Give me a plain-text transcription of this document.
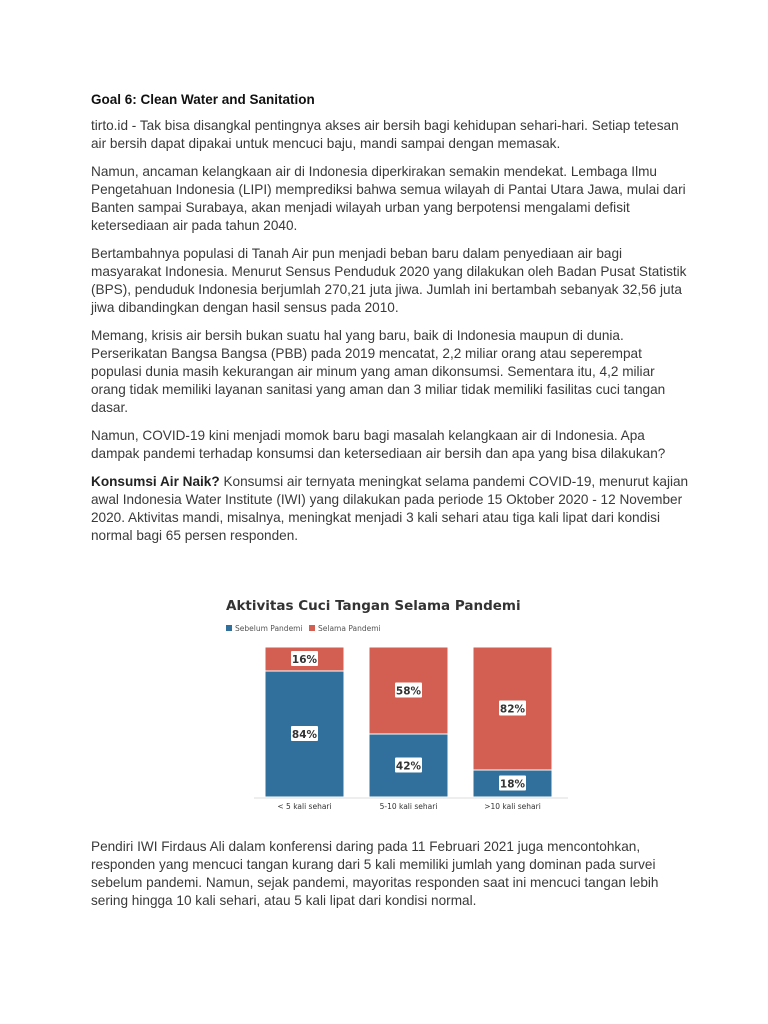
Goal 6: Clean Water and Sanitation

tirto.id - Tak bisa disangkal pentingnya akses air bersih bagi kehidupan sehari-hari. Setiap tetesan air bersih dapat dipakai untuk mencuci baju, mandi sampai dengan memasak.

Namun, ancaman kelangkaan air di Indonesia diperkirakan semakin mendekat. Lembaga Ilmu Pengetahuan Indonesia (LIPI) memprediksi bahwa semua wilayah di Pantai Utara Jawa, mulai dari Banten sampai Surabaya, akan menjadi wilayah urban yang berpotensi mengalami defisit ketersediaan air pada tahun 2040.

Bertambahnya populasi di Tanah Air pun menjadi beban baru dalam penyediaan air bagi masyarakat Indonesia. Menurut Sensus Penduduk 2020 yang dilakukan oleh Badan Pusat Statistik (BPS), penduduk Indonesia berjumlah 270,21 juta jiwa. Jumlah ini bertambah sebanyak 32,56 juta jiwa dibandingkan dengan hasil sensus pada 2010.

Memang, krisis air bersih bukan suatu hal yang baru, baik di Indonesia maupun di dunia. Perserikatan Bangsa Bangsa (PBB) pada 2019 mencatat, 2,2 miliar orang atau seperempat populasi dunia masih kekurangan air minum yang aman dikonsumsi. Sementara itu, 4,2 miliar orang tidak memiliki layanan sanitasi yang aman dan 3 miliar tidak memiliki fasilitas cuci tangan dasar.

Namun, COVID-19 kini menjadi momok baru bagi masalah kelangkaan air di Indonesia. Apa dampak pandemi terhadap konsumsi dan ketersediaan air bersih dan apa yang bisa dilakukan?

Konsumsi Air Naik? Konsumsi air ternyata meningkat selama pandemi COVID-19, menurut kajian awal Indonesia Water Institute (IWI) yang dilakukan pada periode 15 Oktober 2020 - 12 November 2020. Aktivitas mandi, misalnya, meningkat menjadi 3 kali sehari atau tiga kali lipat dari kondisi normal bagi 65 persen responden.

Aktivitas Cuci Tangan Selama Pandemi
Sebelum Pandemi Selama Pandemi
16%
84%
58%
42%
82%
18%
< 5 kali sehari	5-10 kali sehari	>10 kali sehari

Pendiri IWI Firdaus Ali dalam konferensi daring pada 11 Februari 2021 juga mencontohkan, responden yang mencuci tangan kurang dari 5 kali memiliki jumlah yang dominan pada survei sebelum pandemi. Namun, sejak pandemi, mayoritas responden saat ini mencuci tangan lebih sering hingga 10 kali sehari, atau 5 kali lipat dari kondisi normal.
